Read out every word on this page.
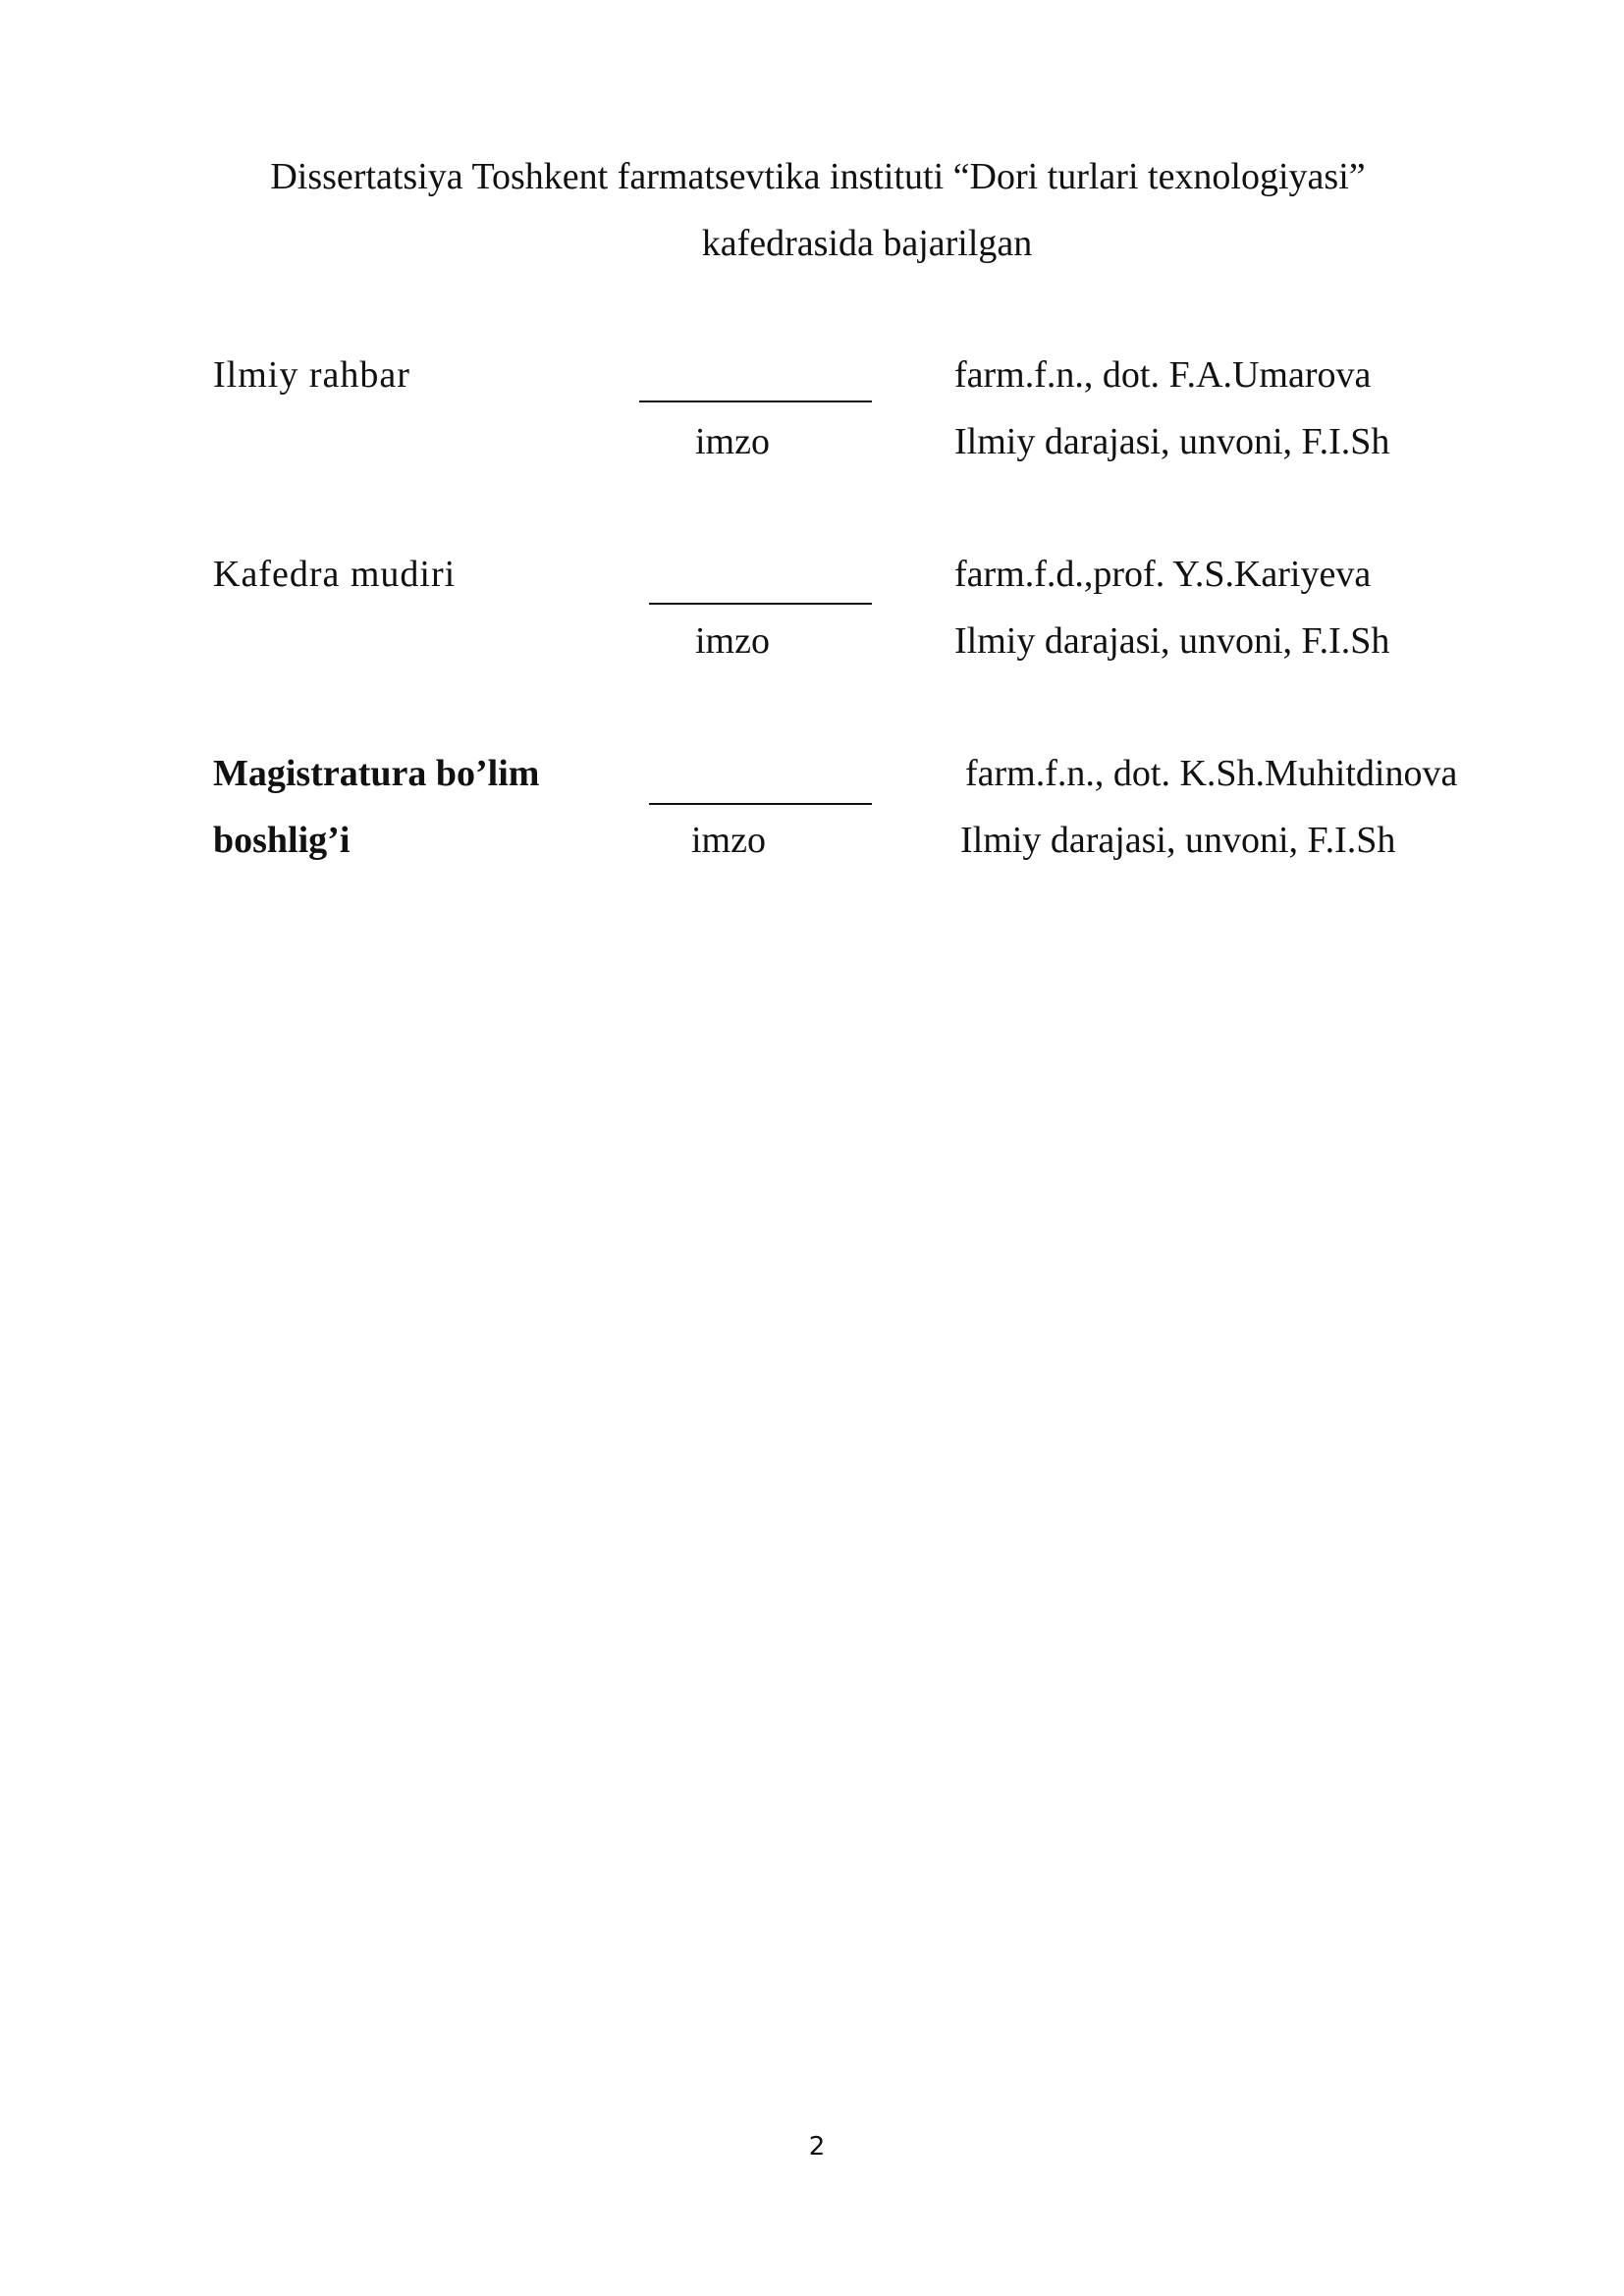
Dissertatsiya Toshkent farmatsevtika instituti “Dori turlari texnologiyasi”
kafedrasida bajarilgan
Ilmiy rahbar
imzo
farm.f.n., dot. F.A.Umarova
Ilmiy darajasi, unvoni, F.I.Sh
Kafedra mudiri
imzo
farm.f.d.,prof. Y.S.Kariyeva
Ilmiy darajasi, unvoni, F.I.Sh
Magistratura bo’lim
boshlig’i	imzo
farm.f.n., dot. K.Sh.Muhitdinova
Ilmiy darajasi, unvoni, F.I.Sh
2
